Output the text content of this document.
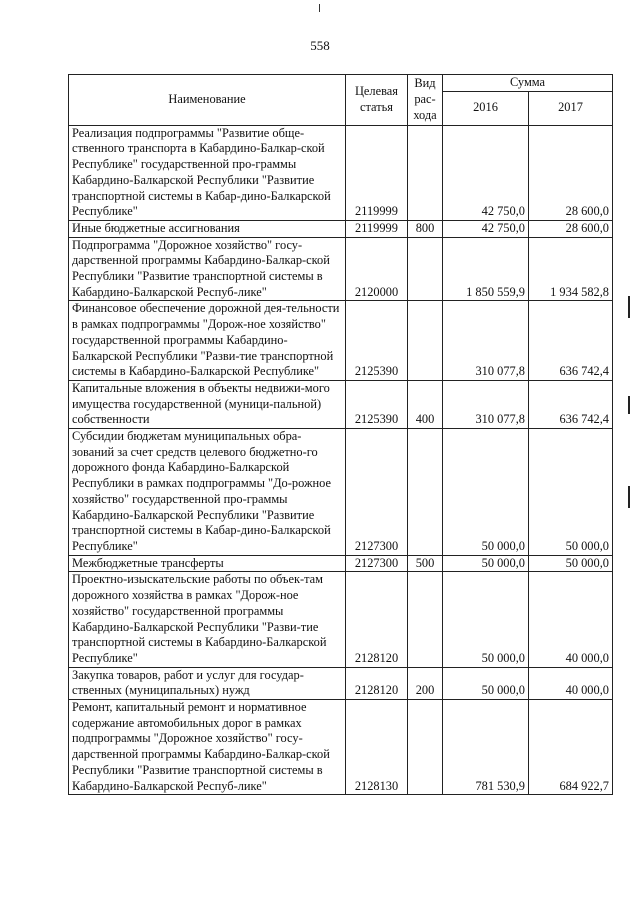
558
Наименование	Целевая статья	Вид рас-хода	Сумма	
			2016	2017
Реализация подпрограммы "Развитие обще-ственного транспорта в Кабардино-Балкар-ской Республике" государственной про-граммы Кабардино-Балкарской Республики "Развитие транспортной системы в Кабар-дино-Балкарской Республике"	2119999		42 750,0	28 600,0
Иные бюджетные ассигнования	2119999	800	42 750,0	28 600,0
Подпрограмма "Дорожное хозяйство" госу-дарственной программы Кабардино-Балкар-ской Республики "Развитие транспортной системы в Кабардино-Балкарской Респуб-лике"	2120000		1 850 559,9	1 934 582,8
Финансовое обеспечение дорожной дея-тельности в рамках подпрограммы "Дорож-ное хозяйство" государственной программы Кабардино-Балкарской Республики "Разви-тие транспортной системы в Кабардино-Балкарской Республике"	2125390		310 077,8	636 742,4
Капитальные вложения в объекты недвижи-мого имущества государственной (муници-пальной) собственности	2125390	400	310 077,8	636 742,4
Субсидии бюджетам муниципальных обра-зований за счет средств целевого бюджетно-го дорожного фонда Кабардино-Балкарской Республики в рамках подпрограммы "До-рожное хозяйство" государственной про-граммы Кабардино-Балкарской Республики "Развитие транспортной системы в Кабар-дино-Балкарской Республике"	2127300		50 000,0	50 000,0
Межбюджетные трансферты	2127300	500	50 000,0	50 000,0
Проектно-изыскательские работы по объек-там дорожного хозяйства в рамках "Дорож-ное хозяйство" государственной программы Кабардино-Балкарской Республики "Разви-тие транспортной системы в Кабардино-Балкарской Республике"	2128120		50 000,0	40 000,0
Закупка товаров, работ и услуг для государ-ственных (муниципальных) нужд	2128120	200	50 000,0	40 000,0
Ремонт, капитальный ремонт и нормативное содержание автомобильных дорог в рамках подпрограммы "Дорожное хозяйство" госу-дарственной программы Кабардино-Балкар-ской Республики "Развитие транспортной системы в Кабардино-Балкарской Респуб-лике"	2128130		781 530,9	684 922,7
